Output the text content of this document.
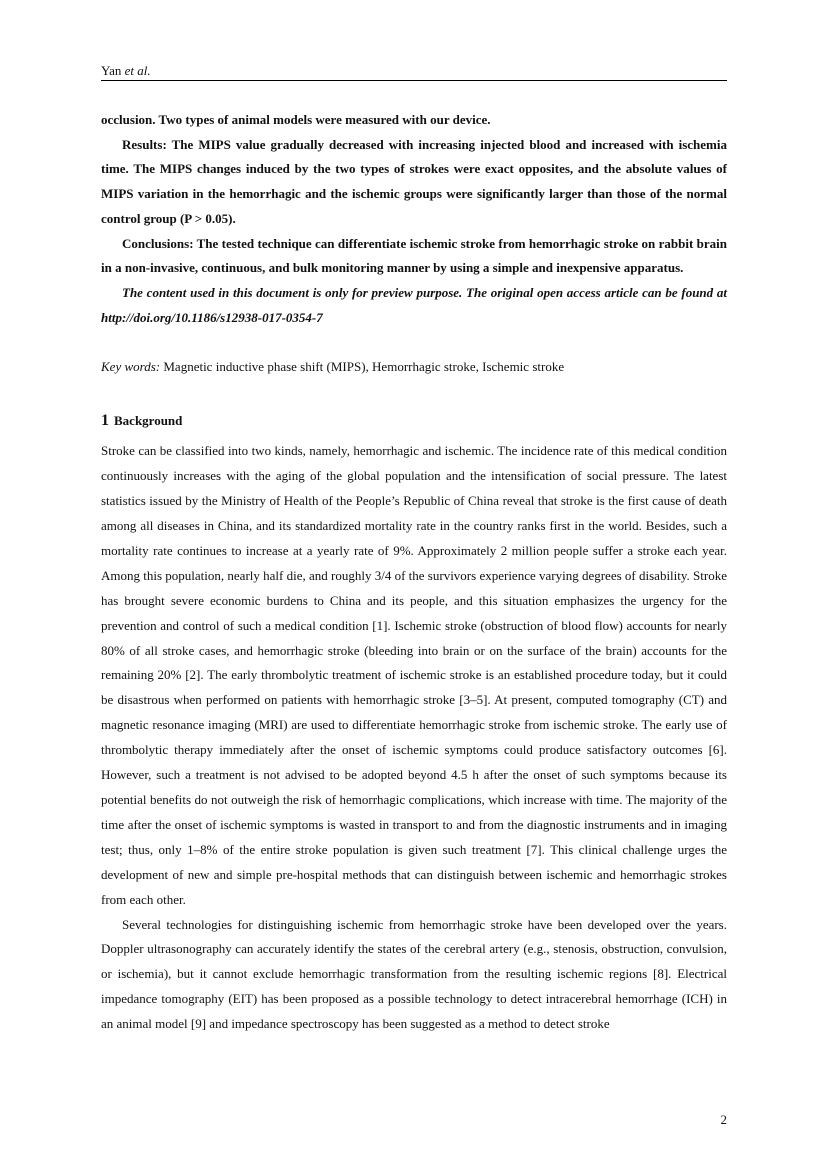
Yan et al.

occlusion. Two types of animal models were measured with our device.

Results: The MIPS value gradually decreased with increasing injected blood and increased with ischemia time. The MIPS changes induced by the two types of strokes were exact opposites, and the absolute values of MIPS variation in the hemorrhagic and the ischemic groups were significantly larger than those of the normal control group (P > 0.05).

Conclusions: The tested technique can differentiate ischemic stroke from hemorrhagic stroke on rabbit brain in a non-invasive, continuous, and bulk monitoring manner by using a simple and inexpensive apparatus.

The content used in this document is only for preview purpose. The original open access article can be found at http://doi.org/10.1186/s12938-017-0354-7

Key words: Magnetic inductive phase shift (MIPS), Hemorrhagic stroke, Ischemic stroke

1 Background

Stroke can be classified into two kinds, namely, hemorrhagic and ischemic. The incidence rate of this medical condition continuously increases with the aging of the global population and the intensification of social pressure. The latest statistics issued by the Ministry of Health of the People’s Republic of China reveal that stroke is the first cause of death among all diseases in China, and its standardized mortality rate in the country ranks first in the world. Besides, such a mortality rate continues to increase at a yearly rate of 9%. Approximately 2 million people suffer a stroke each year. Among this population, nearly half die, and roughly 3/4 of the survivors experience varying degrees of disability. Stroke has brought severe economic burdens to China and its people, and this situation emphasizes the urgency for the prevention and control of such a medical condition [1]. Ischemic stroke (obstruction of blood flow) accounts for nearly 80% of all stroke cases, and hemorrhagic stroke (bleeding into brain or on the surface of the brain) accounts for the remaining 20% [2]. The early thrombolytic treatment of ischemic stroke is an established procedure today, but it could be disastrous when performed on patients with hemorrhagic stroke [3–5]. At present, computed tomography (CT) and magnetic resonance imaging (MRI) are used to differentiate hemorrhagic stroke from ischemic stroke. The early use of thrombolytic therapy immediately after the onset of ischemic symptoms could produce satisfactory outcomes [6]. However, such a treatment is not advised to be adopted beyond 4.5 h after the onset of such symptoms because its potential benefits do not outweigh the risk of hemorrhagic complications, which increase with time. The majority of the time after the onset of ischemic symptoms is wasted in transport to and from the diagnostic instruments and in imaging test; thus, only 1–8% of the entire stroke population is given such treatment [7]. This clinical challenge urges the development of new and simple pre-hospital methods that can distinguish between ischemic and hemorrhagic strokes from each other.

Several technologies for distinguishing ischemic from hemorrhagic stroke have been developed over the years. Doppler ultrasonography can accurately identify the states of the cerebral artery (e.g., stenosis, obstruction, convulsion, or ischemia), but it cannot exclude hemorrhagic transformation from the resulting ischemic regions [8]. Electrical impedance tomography (EIT) has been proposed as a possible technology to detect intracerebral hemorrhage (ICH) in an animal model [9] and impedance spectroscopy has been suggested as a method to detect stroke

2
